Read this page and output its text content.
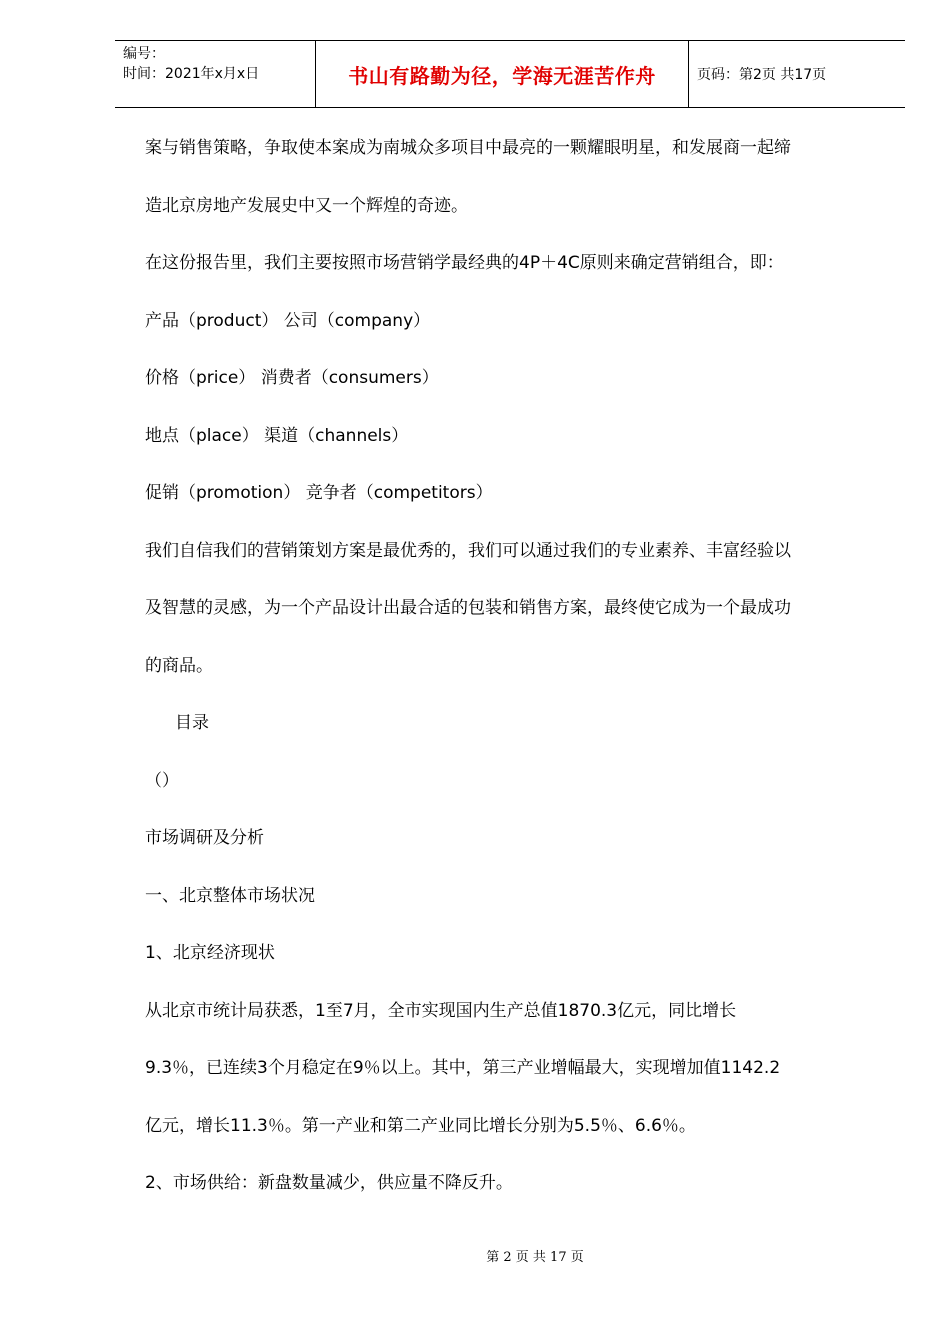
编号：
时间：2021年x月x日	书山有路勤为径，学海无涯苦作舟	页码：第2页 共17页
案与销售策略，争取使本案成为南城众多项目中最亮的一颗耀眼明星，和发展商一起缔
造北京房地产发展史中又一个辉煌的奇迹。
在这份报告里，我们主要按照市场营销学最经典的4P＋4C原则来确定营销组合，即：
产品（product） 公司（company）
价格（price） 消费者（consumers）
地点（place） 渠道（channels）
促销（promotion） 竞争者（competitors）
我们自信我们的营销策划方案是最优秀的，我们可以通过我们的专业素养、丰富经验以
及智慧的灵感，为一个产品设计出最合适的包装和销售方案，最终使它成为一个最成功
的商品。
目录
（）
市场调研及分析
一、北京整体市场状况
1、北京经济现状
从北京市统计局获悉，1至7月，全市实现国内生产总值1870.3亿元，同比增长
9.3％，已连续3个月稳定在9％以上。其中，第三产业增幅最大，实现增加值1142.2
亿元，增长11.3％。第一产业和第二产业同比增长分别为5.5％、6.6％。
2、市场供给：新盘数量减少，供应量不降反升。
第 2 页 共 17 页
